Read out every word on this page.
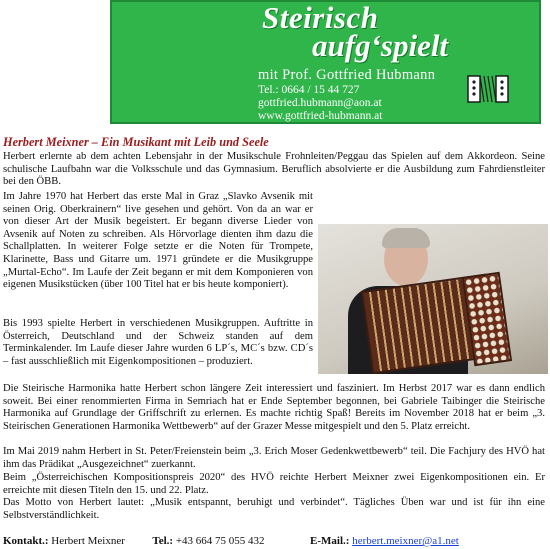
Steirisch
aufg‘spielt
mit Prof. Gottfried Hubmann
Tel.: 0664 / 15 44 727
gottfried.hubmann@aon.at
www.gottfried-hubmann.at
Herbert Meixner – Ein Musikant mit Leib und Seele

Herbert erlernte ab dem achten Lebensjahr in der Musikschule Frohnleiten/Peggau das Spielen auf dem Akkordeon. Seine schulische Laufbahn war die Volksschule und das Gymnasium. Beruflich absolvierte er die Ausbildung zum Fahrdienstleiter bei den ÖBB.

Im Jahre 1970 hat Herbert das erste Mal in Graz „Slavko Avsenik mit seinen Orig. Oberkrainern“ live gesehen und gehört. Von da an war er von dieser Art der Musik begeistert. Er begann diverse Lieder von Avsenik auf Noten zu schreiben. Als Hörvorlage dienten ihm dazu die Schallplatten. In weiterer Folge setzte er die Noten für Trompete, Klarinette, Bass und Gitarre um. 1971 gründete er die Musikgruppe „Murtal-Echo“. Im Laufe der Zeit begann er mit dem Komponieren von eigenen Musikstücken (über 100 Titel hat er bis heute komponiert).

Bis 1993 spielte Herbert in verschiedenen Musikgruppen. Auftritte in Österreich, Deutschland und der Schweiz standen auf dem Terminkalender. Im Laufe dieser Jahre wurden 6 LP´s, MC´s bzw. CD´s – fast ausschließlich mit Eigenkompositionen – produziert.

Die Steirische Harmonika hatte Herbert schon längere Zeit interessiert und fasziniert. Im Herbst 2017 war es dann endlich soweit. Bei einer renommierten Firma in Semriach hat er Ende September begonnen, bei Gabriele Taibinger die Steirische Harmonika auf Grundlage der Griffschrift zu erlernen. Es machte richtig Spaß! Bereits im November 2018 hat er beim „3. Steirischen Generationen Harmonika Wettbewerb“ auf der Grazer Messe mitgespielt und den 5. Platz erreicht.

Im Mai 2019 nahm Herbert in St. Peter/Freienstein beim „3. Erich Moser Gedenkwettbewerb“ teil. Die Fachjury des HVÖ hat ihm das Prädikat „Ausgezeichnet“ zuerkannt.

Beim „Österreichischen Kompositionspreis 2020“ des HVÖ reichte Herbert Meixner zwei Eigenkompositionen ein. Er erreichte mit diesen Titeln den 15. und 22. Platz.

Das Motto von Herbert lautet: „Musik entspannt, beruhigt und verbindet“. Tägliches Üben war und ist für ihn eine Selbstverständlichkeit.

Kontakt.: Herbert Meixner	Tel.: +43 664 75 055 432	E-Mail.: herbert.meixner@a1.net
